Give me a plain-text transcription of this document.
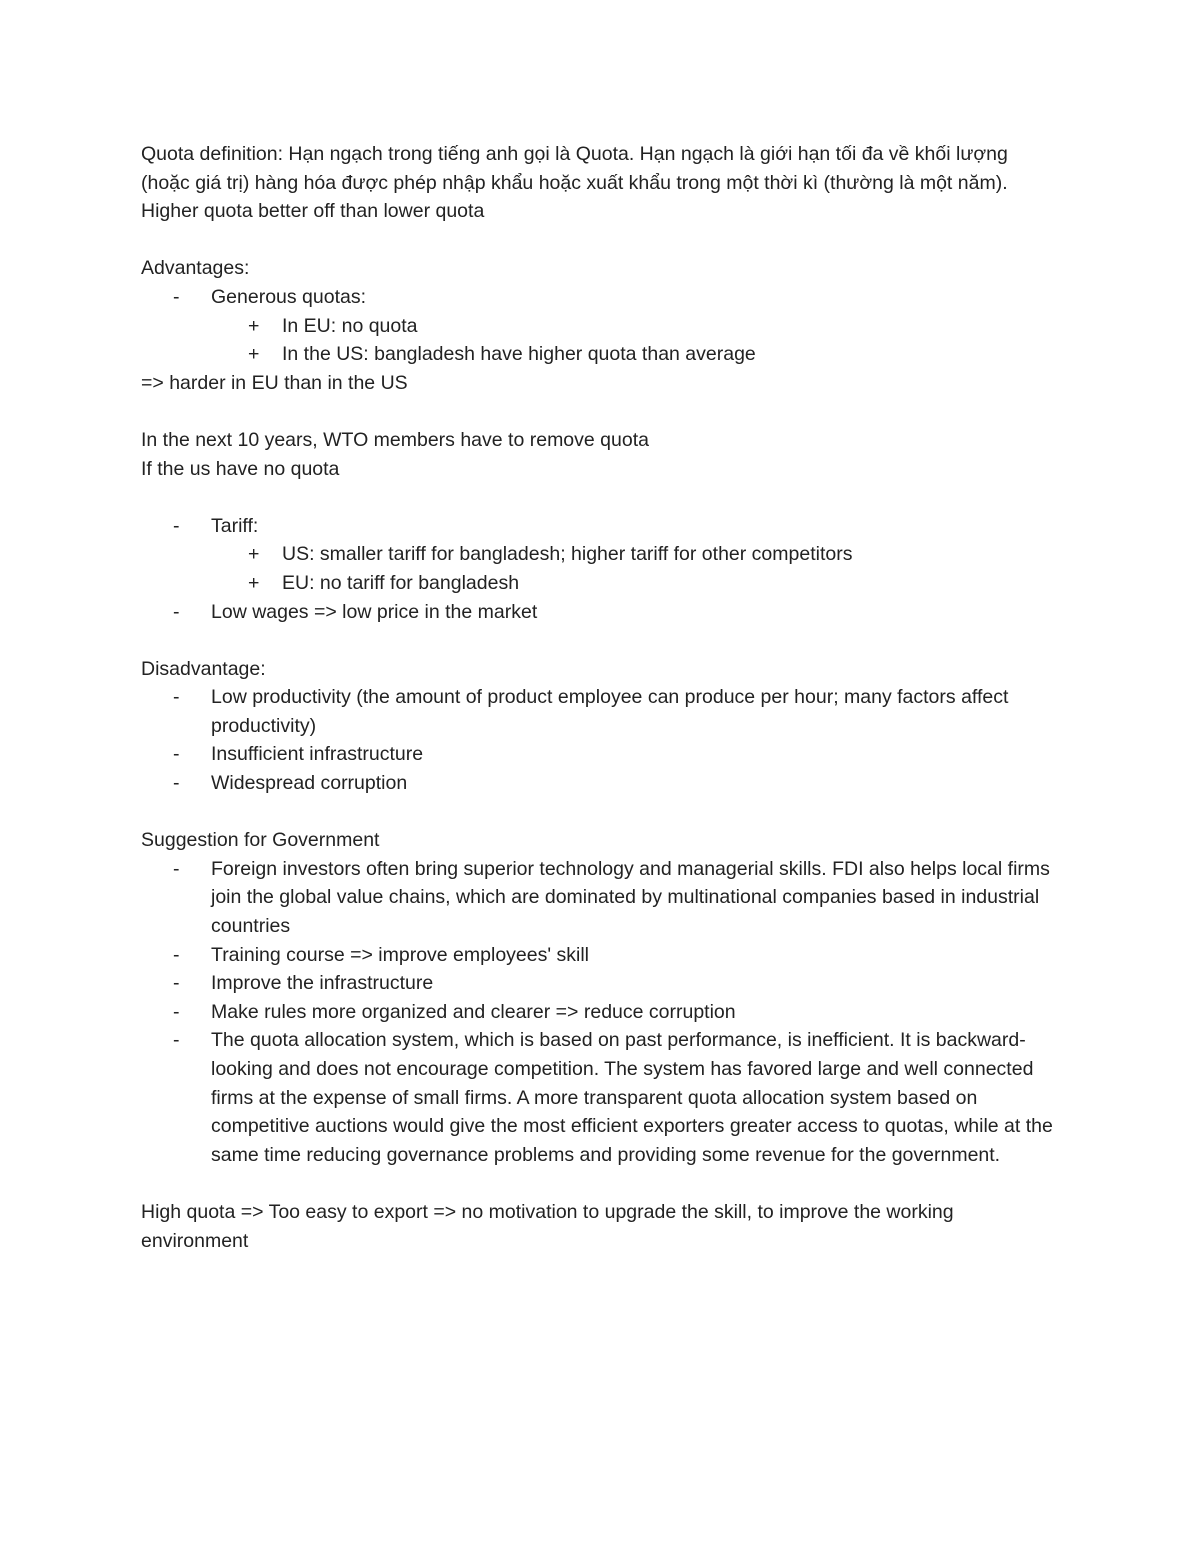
Quota definition: Hạn ngạch trong tiếng anh gọi là Quota. Hạn ngạch là giới hạn tối đa về khối lượng (hoặc giá trị) hàng hóa được phép nhập khẩu hoặc xuất khẩu trong một thời kì (thường là một năm).

Higher quota better off than lower quota

Advantages:

- Generous quotas:
+ In EU: no quota
+ In the US: bangladesh have higher quota than average

=> harder in EU than in the US

In the next 10 years, WTO members have to remove quota

If the us have no quota

- Tariff:
+ US: smaller tariff for bangladesh; higher tariff for other competitors
+ EU: no tariff for bangladesh
- Low wages => low price in the market

Disadvantage:

- Low productivity (the amount of product employee can produce per hour; many factors affect productivity)
- Insufficient infrastructure
- Widespread corruption

Suggestion for Government

- Foreign investors often bring superior technology and managerial skills. FDI also helps local firms join the global value chains, which are dominated by multinational companies based in industrial countries
- Training course => improve employees' skill
- Improve the infrastructure
- Make rules more organized and clearer => reduce corruption
- The quota allocation system, which is based on past performance, is inefficient. It is backward-looking and does not encourage competition. The system has favored large and well connected firms at the expense of small firms. A more transparent quota allocation system based on competitive auctions would give the most efficient exporters greater access to quotas, while at the same time reducing governance problems and providing some revenue for the government.

High quota => Too easy to export => no motivation to upgrade the skill, to improve the working environment
